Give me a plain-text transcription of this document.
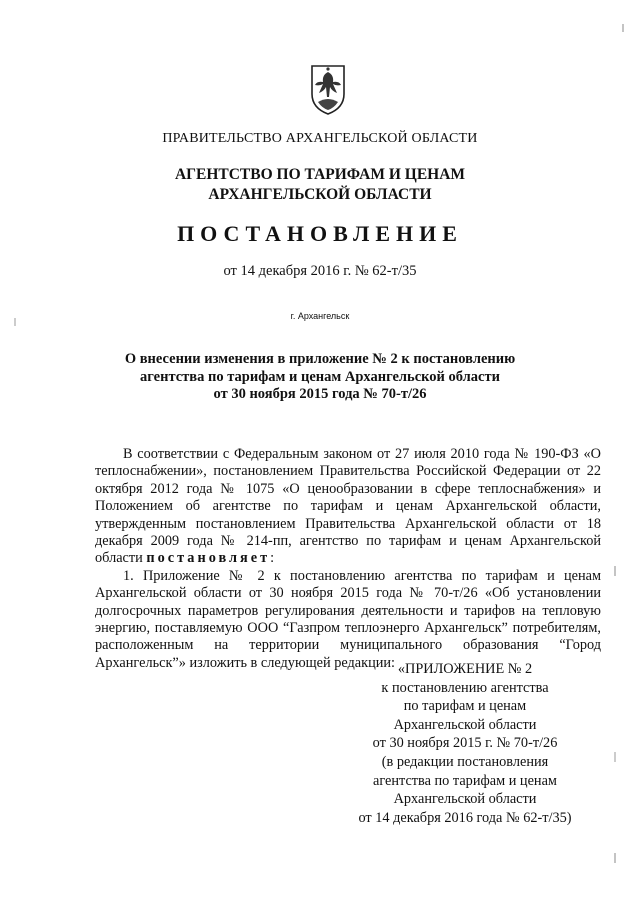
ПРАВИТЕЛЬСТВО АРХАНГЕЛЬСКОЙ ОБЛАСТИ
АГЕНТСТВО ПО ТАРИФАМ И ЦЕНАМ
АРХАНГЕЛЬСКОЙ ОБЛАСТИ
ПОСТАНОВЛЕНИЕ
от 14 декабря 2016 г. № 62-т/35
г. Архангельск
О внесении изменения в приложение № 2 к постановлению
агентства по тарифам и ценам Архангельской области
от 30 ноября 2015 года № 70-т/26

В соответствии с Федеральным законом от 27 июля 2010 года № 190-ФЗ «О теплоснабжении», постановлением Правительства Российской Федерации от 22 октября 2012 года № 1075 «О ценообразовании в сфере теплоснабжения» и Положением об агентстве по тарифам и ценам Архангельской области, утвержденным постановлением Правительства Архангельской области от 18 декабря 2009 года № 214-пп, агентство по тарифам и ценам Архангельской области постановляет:

1. Приложение № 2 к постановлению агентства по тарифам и ценам Архангельской области от 30 ноября 2015 года № 70-т/26 «Об установлении долгосрочных параметров регулирования деятельности и тарифов на тепловую энергию, поставляемую ООО “Газпром теплоэнерго Архангельск” потребителям, расположенным на территории муниципального образования “Город Архангельск”» изложить в следующей редакции: «ПРИЛОЖЕНИЕ № 2
к постановлению агентства
по тарифам и ценам
Архангельской области
от 30 ноября 2015 г. № 70-т/26
(в редакции постановления
агентства по тарифам и ценам
Архангельской области
от 14 декабря 2016 года № 62-т/35)
